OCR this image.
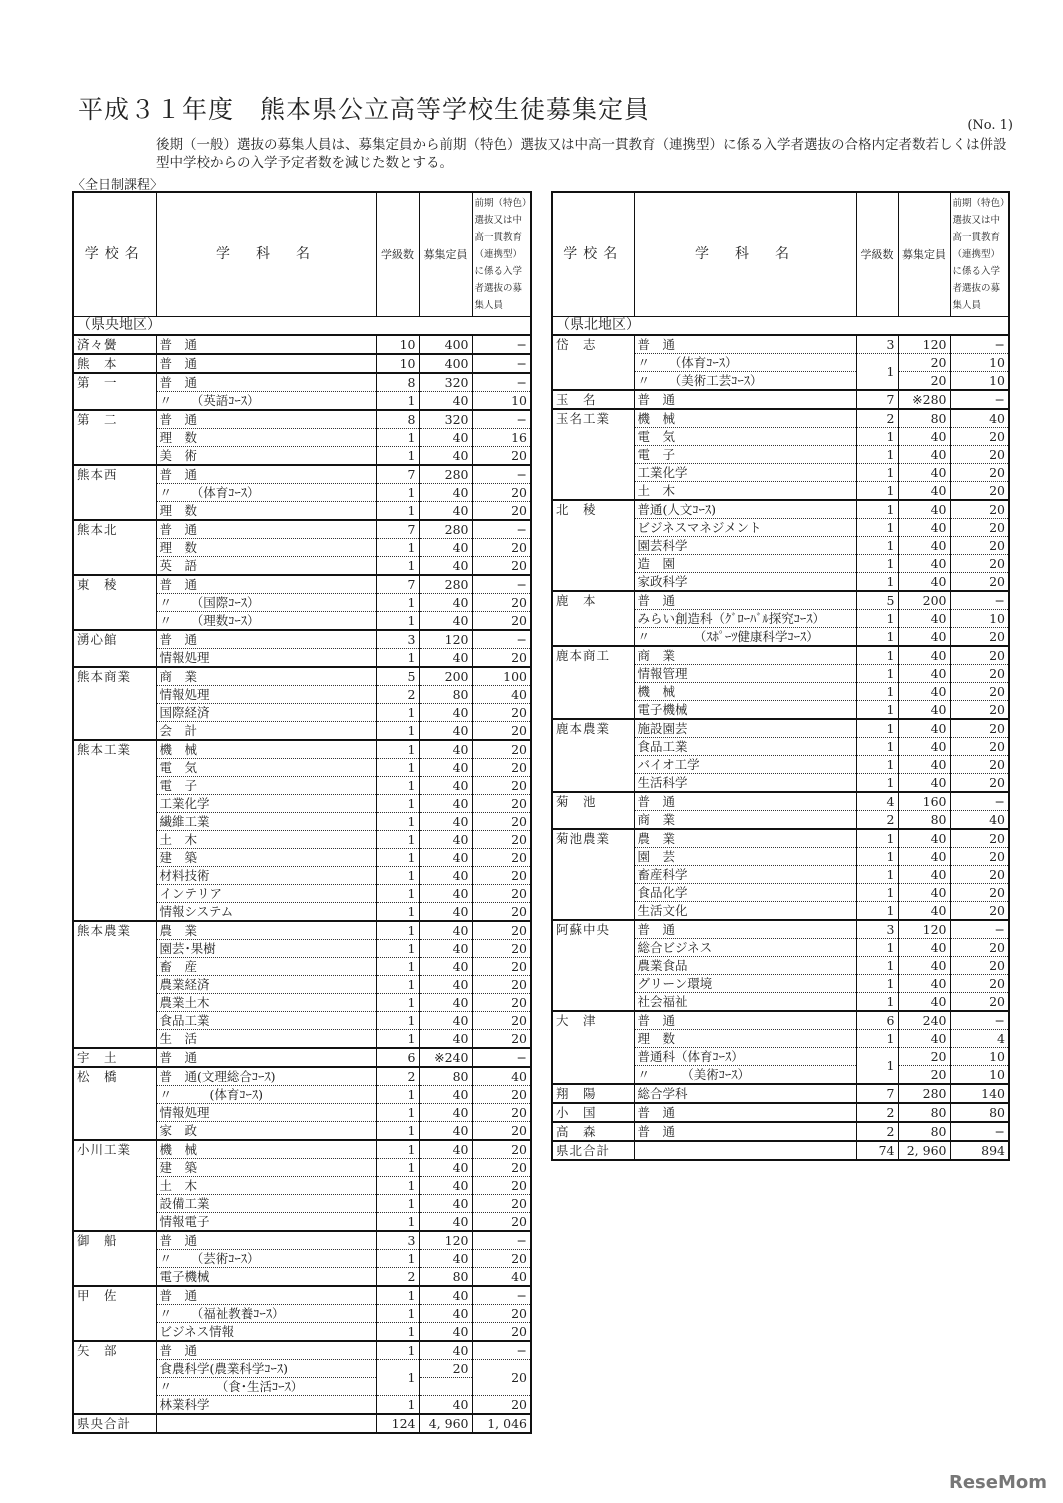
平成３１年度　熊本県公立高等学校生徒募集定員
(No. 1)
後期（一般）選抜の募集人員は、募集定員から前期（特色）選抜又は中高一貫教育（連携型）に係る入学者選抜の合格内定者数若しくは併設型中学校からの入学予定者数を減じた数とする。
〈全日制課程〉
学校名	学　科　名	学級数	募集定員	前期（特色）選抜又は中高一貫教育（連携型）に係る入学者選抜の募集人員	
（県央地区）					
済々黌	普　通	10	400	−	
熊　本	普　通	10	400	−	
第　一	普　通	8	320	−	
	〃　　（英語ｺｰｽ）	1	40	10	
第　二	普　通	8	320	−	
	理　数	1	40	16	
	美　術	1	40	20	
熊本西	普　通	7	280	−	
	〃　　（体育ｺｰｽ）	1	40	20	
	理　数	1	40	20	
熊本北	普　通	7	280	−	
	理　数	1	40	20	
	英　語	1	40	20	
東　稜	普　通	7	280	−	
	〃　　（国際ｺｰｽ）	1	40	20	
	〃　　（理数ｺｰｽ）	1	40	20	
湧心館	普　通	3	120	−	
	情報処理	1	40	20	
熊本商業	商　業	5	200	100	
	情報処理	2	80	40	
	国際経済	1	40	20	
	会　計	1	40	20	
熊本工業	機　械	1	40	20	
	電　気	1	40	20	
	電　子	1	40	20	
	工業化学	1	40	20	
	繊維工業	1	40	20	
	土　木	1	40	20	
	建　築	1	40	20	
	材料技術	1	40	20	
	インテリア	1	40	20	
	情報システム	1	40	20	
熊本農業	農　業	1	40	20	
	園芸･果樹	1	40	20	
	畜　産	1	40	20	
	農業経済	1	40	20	
	農業土木	1	40	20	
	食品工業	1	40	20	
	生　活	1	40	20	
宇　土	普　通	6	※240	−	
松　橋	普　通(文理総合ｺｰｽ)	2	80	40	
	〃　　　(体育ｺｰｽ)	1	40	20	
	情報処理	1	40	20	
	家　政	1	40	20	
小川工業	機　械	1	40	20	
	建　築	1	40	20	
	土　木	1	40	20	
	設備工業	1	40	20	
	情報電子	1	40	20	
御　船	普　通	3	120	−	
	〃　　（芸術ｺｰｽ）	1	40	20	
	電子機械	2	80	40	
甲　佐	普　通	1	40	−	
	〃　　（福祉教養ｺｰｽ）	1	40	20	
	ビジネス情報	1	40	20	
矢　部	普　通	1	40	−	
	食農科学(農業科学ｺｰｽ)	1	20	20	
	〃　　　　（食･生活ｺｰｽ）		
	林業科学	1	40	20	
県央合計		124	4, 960	1, 046	
学校名	学　科　名	学級数	募集定員	前期（特色）選抜又は中高一貫教育（連携型）に係る入学者選抜の募集人員
（県北地区）				
岱　志	普　通	3	120	−
	〃　　（体育ｺｰｽ）	1	20	10
	〃　　（美術工芸ｺｰｽ）		20	10
玉　名	普　通	7	※280	−
玉名工業	機　械	2	80	40
	電　気	1	40	20
	電　子	1	40	20
	工業化学	1	40	20
	土　木	1	40	20
北　稜	普通(人文ｺｰｽ)	1	40	20
	ビジネスマネジメント	1	40	20
	園芸科学	1	40	20
	造　園	1	40	20
	家政科学	1	40	20
鹿　本	普　通	5	200	−
	みらい創造科（ｸﾞﾛｰﾊﾞﾙ探究ｺｰｽ）	1	40	10
	〃　　　　（ｽﾎﾟｰﾂ健康科学ｺｰｽ）	1	40	20
鹿本商工	商　業	1	40	20
	情報管理	1	40	20
	機　械	1	40	20
	電子機械	1	40	20
鹿本農業	施設園芸	1	40	20
	食品工業	1	40	20
	バイオ工学	1	40	20
	生活科学	1	40	20
菊　池	普　通	4	160	−
	商　業	2	80	40
菊池農業	農　業	1	40	20
	園　芸	1	40	20
	畜産科学	1	40	20
	食品化学	1	40	20
	生活文化	1	40	20
阿蘇中央	普　通	3	120	−
	総合ビジネス	1	40	20
	農業食品	1	40	20
	グリーン環境	1	40	20
	社会福祉	1	40	20
大　津	普　通	6	240	−
	理　数	1	40	4
	普通科（体育ｺｰｽ）	1	20	10
	〃　　　（美術ｺｰｽ）		20	10
翔　陽	総合学科	7	280	140
小　国	普　通	2	80	80
高　森	普　通	2	80	−
県北合計		74	2, 960	894
ReseMom
